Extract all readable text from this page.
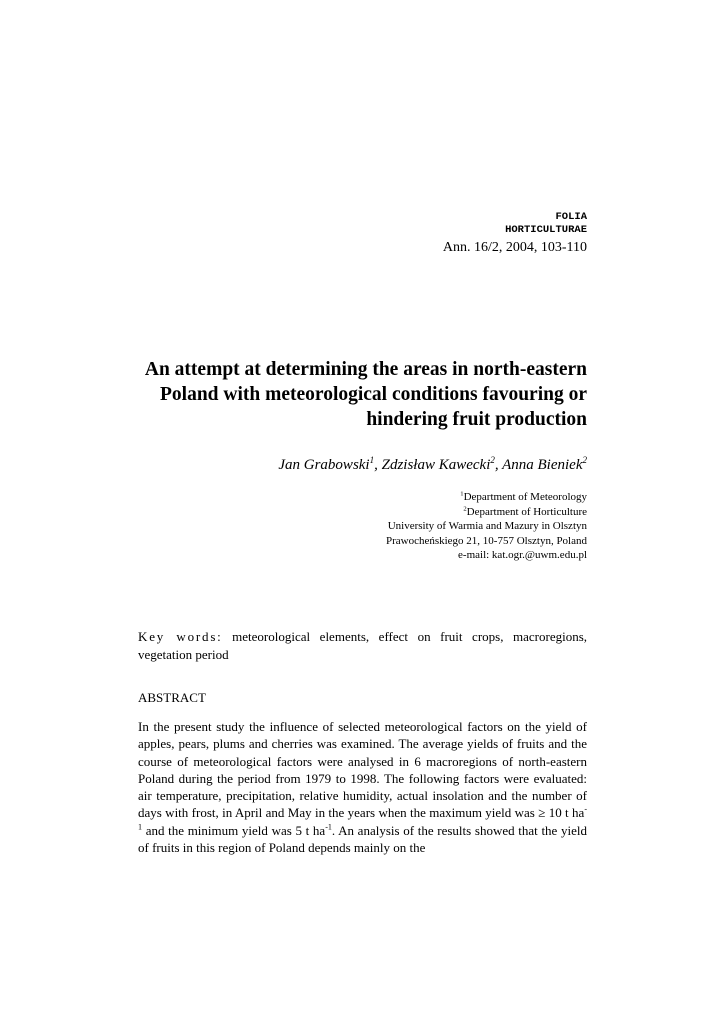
FOLIA
HORTICULTURAE
Ann. 16/2, 2004, 103-110
An attempt at determining the areas in north-eastern
Poland with meteorological conditions favouring or
hindering fruit production
Jan Grabowski$^1$, Zdzisław Kawecki$^2$, Anna Bieniek$^2$
$^1$Department of Meteorology
$^2$Department of Horticulture
University of Warmia and Mazury in Olsztyn
Prawocheńskiego 21, 10-757 Olsztyn, Poland
e-mail: kat.ogr.@uwm.edu.pl
Key words: meteorological elements, effect on fruit crops, macroregions, vegetation period
ABSTRACT
In the present study the influence of selected meteorological factors on the yield of apples, pears, plums and cherries was examined. The average yields of fruits and the course of meteorological factors were analysed in 6 macroregions of north-eastern Poland during the period from 1979 to 1998. The following factors were evaluated: air temperature, precipitation, relative humidity, actual insolation and the number of days with frost, in April and May in the years when the maximum yield was ≥ 10 t $ha^{-1}$ and the minimum yield was 5 t $ha^{-1}$. An analysis of the results showed that the yield of fruits in this region of Poland depends mainly on the
